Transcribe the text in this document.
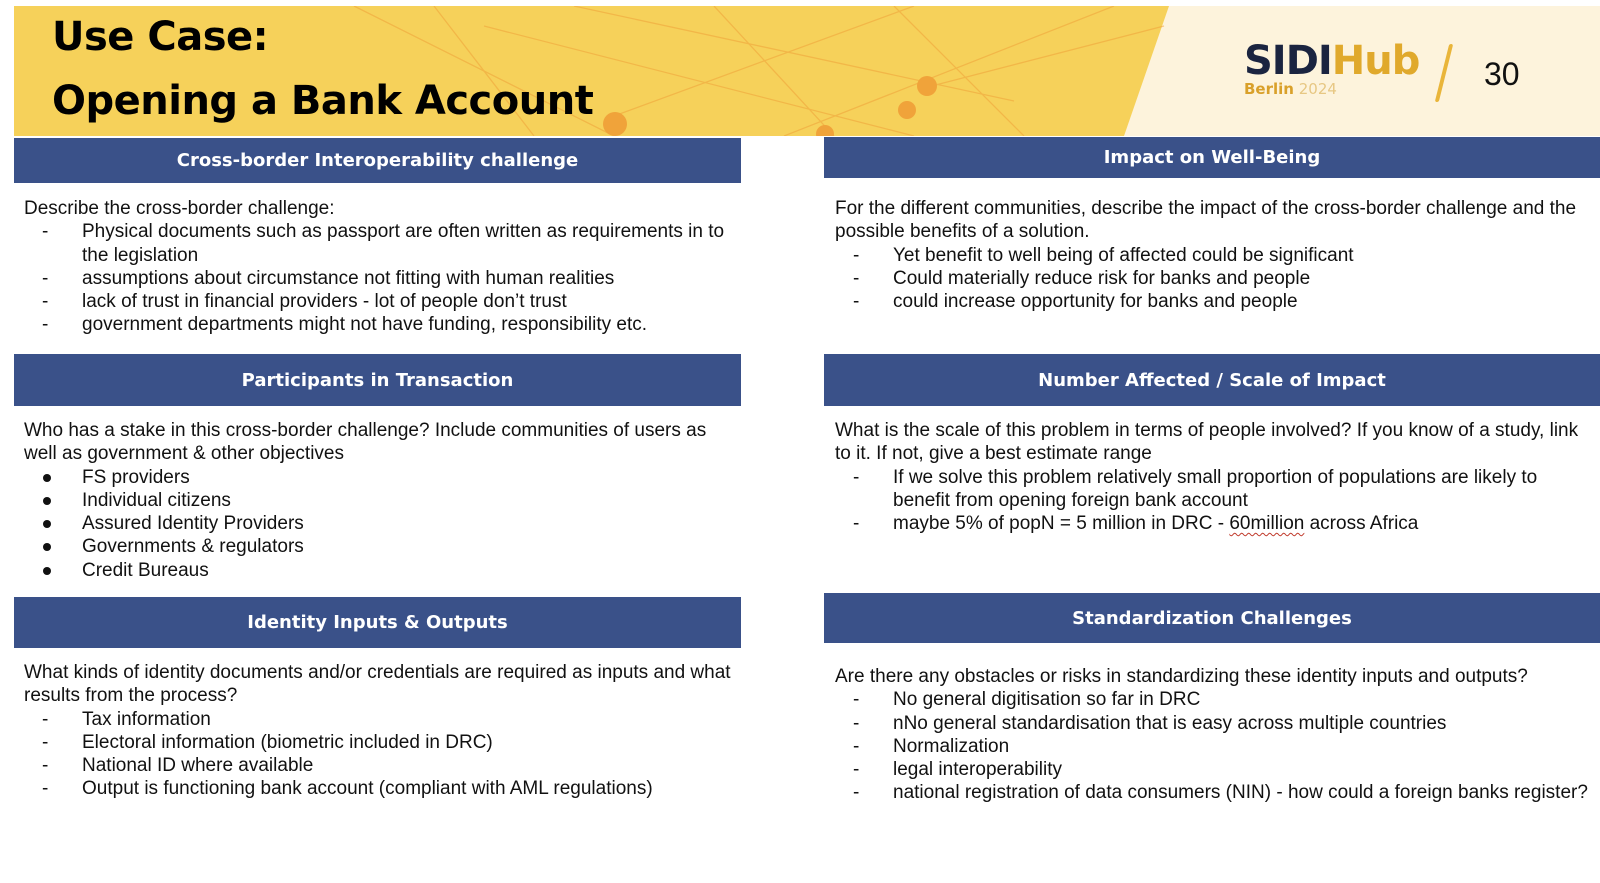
Use Case:
Opening a Bank Account
SIDIHub
Berlin 2024	30
Cross-border Interoperability challenge

Describe the cross-border challenge:

- Physical documents such as passport are often written as requirements in to the legislation
- assumptions about circumstance not fitting with human realities
- lack of trust in financial providers - lot of people don’t trust
- government departments might not have funding, responsibility etc.
Participants in Transaction

Who has a stake in this cross-border challenge? Include communities of users as well as government & other objectives

FS providers
Individual citizens
Assured Identity Providers
Governments & regulators
Credit Bureaus
Identity Inputs & Outputs

What kinds of identity documents and/or credentials are required as inputs and what results from the process?

- Tax information
- Electoral information (biometric included in DRC)
- National ID where available
- Output is functioning bank account (compliant with AML regulations)
Impact on Well-Being

For the different communities, describe the impact of the cross-border challenge and the possible benefits of a solution.

- Yet benefit to well being of affected could be significant
- Could materially reduce risk for banks and people
- could increase opportunity for banks and people
Number Affected / Scale of Impact

What is the scale of this problem in terms of people involved? If you know of a study, link to it. If not, give a best estimate range

- If we solve this problem relatively small proportion of populations are likely to benefit from opening foreign bank account
- maybe 5% of popN = 5 million in DRC - 60million across Africa
Standardization Challenges

Are there any obstacles or risks in standardizing these identity inputs and outputs?

- No general digitisation so far in DRC
- nNo general standardisation that is easy across multiple countries
- Normalization
- legal interoperability
- national registration of data consumers (NIN) - how could a foreign banks register?
